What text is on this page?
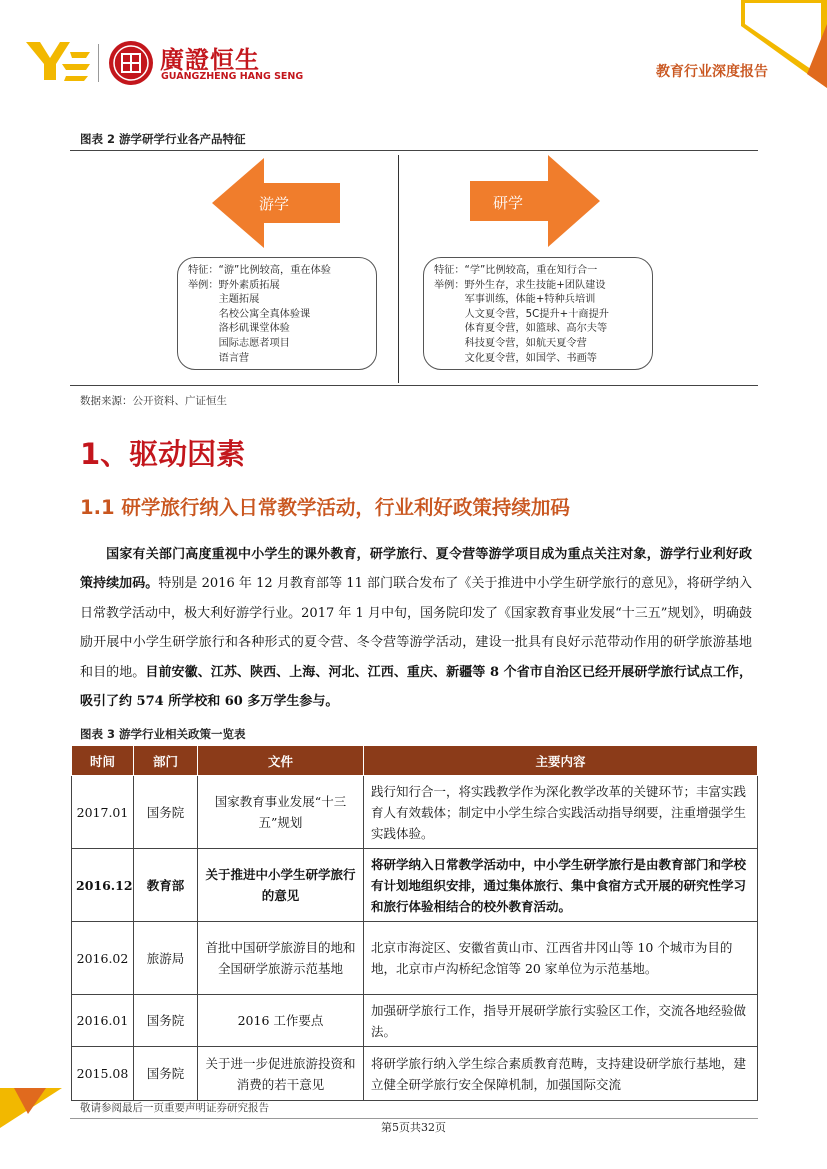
廣證恒生
GUANGZHENG HANG SENG	教育行业深度报告
图表 2 游学研学行业各产品特征
游学	研学
特征：“游”比例较高，重在体验
举例： 野外素质拓展
主题拓展
名校公寓全真体验课
洛杉矶课堂体验
国际志愿者项目
语言营
特征：“学”比例较高，重在知行合一
举例： 野外生存，求生技能+团队建设
军事训练，体能+特种兵培训
人文夏令营，5C提升+十商提升
体育夏令营，如篮球、高尔夫等
科技夏令营，如航天夏令营
文化夏令营，如国学、书画等
数据来源：公开资料、广证恒生
1、驱动因素
1.1 研学旅行纳入日常教学活动，行业利好政策持续加码
国家有关部门高度重视中小学生的课外教育，研学旅行、夏令营等游学项目成为重点关注对象，游学行业利好政策持续加码。特别是 2016 年 12 月教育部等 11 部门联合发布了《关于推进中小学生研学旅行的意见》，将研学纳入日常教学活动中，极大利好游学行业。2017 年 1 月中旬，国务院印发了《国家教育事业发展“十三五”规划》，明确鼓励开展中小学生研学旅行和各种形式的夏令营、冬令营等游学活动，建设一批具有良好示范带动作用的研学旅游基地和目的地。目前安徽、江苏、陕西、上海、河北、江西、重庆、新疆等 8 个省市自治区已经开展研学旅行试点工作，吸引了约 574 所学校和 60 多万学生参与。
图表 3 游学行业相关政策一览表
时间	部门	文件	主要内容
2017.01	国务院	国家教育事业发展“十三五”规划	践行知行合一，将实践教学作为深化教学改革的关键环节；丰富实践育人有效载体；制定中小学生综合实践活动指导纲要，注重增强学生实践体验。
2016.12	教育部	关于推进中小学生研学旅行的意见	将研学纳入日常教学活动中，中小学生研学旅行是由教育部门和学校有计划地组织安排，通过集体旅行、集中食宿方式开展的研究性学习和旅行体验相结合的校外教育活动。
2016.02	旅游局	首批中国研学旅游目的地和全国研学旅游示范基地	北京市海淀区、安徽省黄山市、江西省井冈山等 10 个城市为目的地，北京市卢沟桥纪念馆等 20 家单位为示范基地。
2016.01	国务院	2016 工作要点	加强研学旅行工作，指导开展研学旅行实验区工作，交流各地经验做法。
2015.08	国务院	关于进一步促进旅游投资和消费的若干意见	将研学旅行纳入学生综合素质教育范畴，支持建设研学旅行基地，建立健全研学旅行安全保障机制，加强国际交流
敬请参阅最后一页重要声明证券研究报告
第5页共32页
